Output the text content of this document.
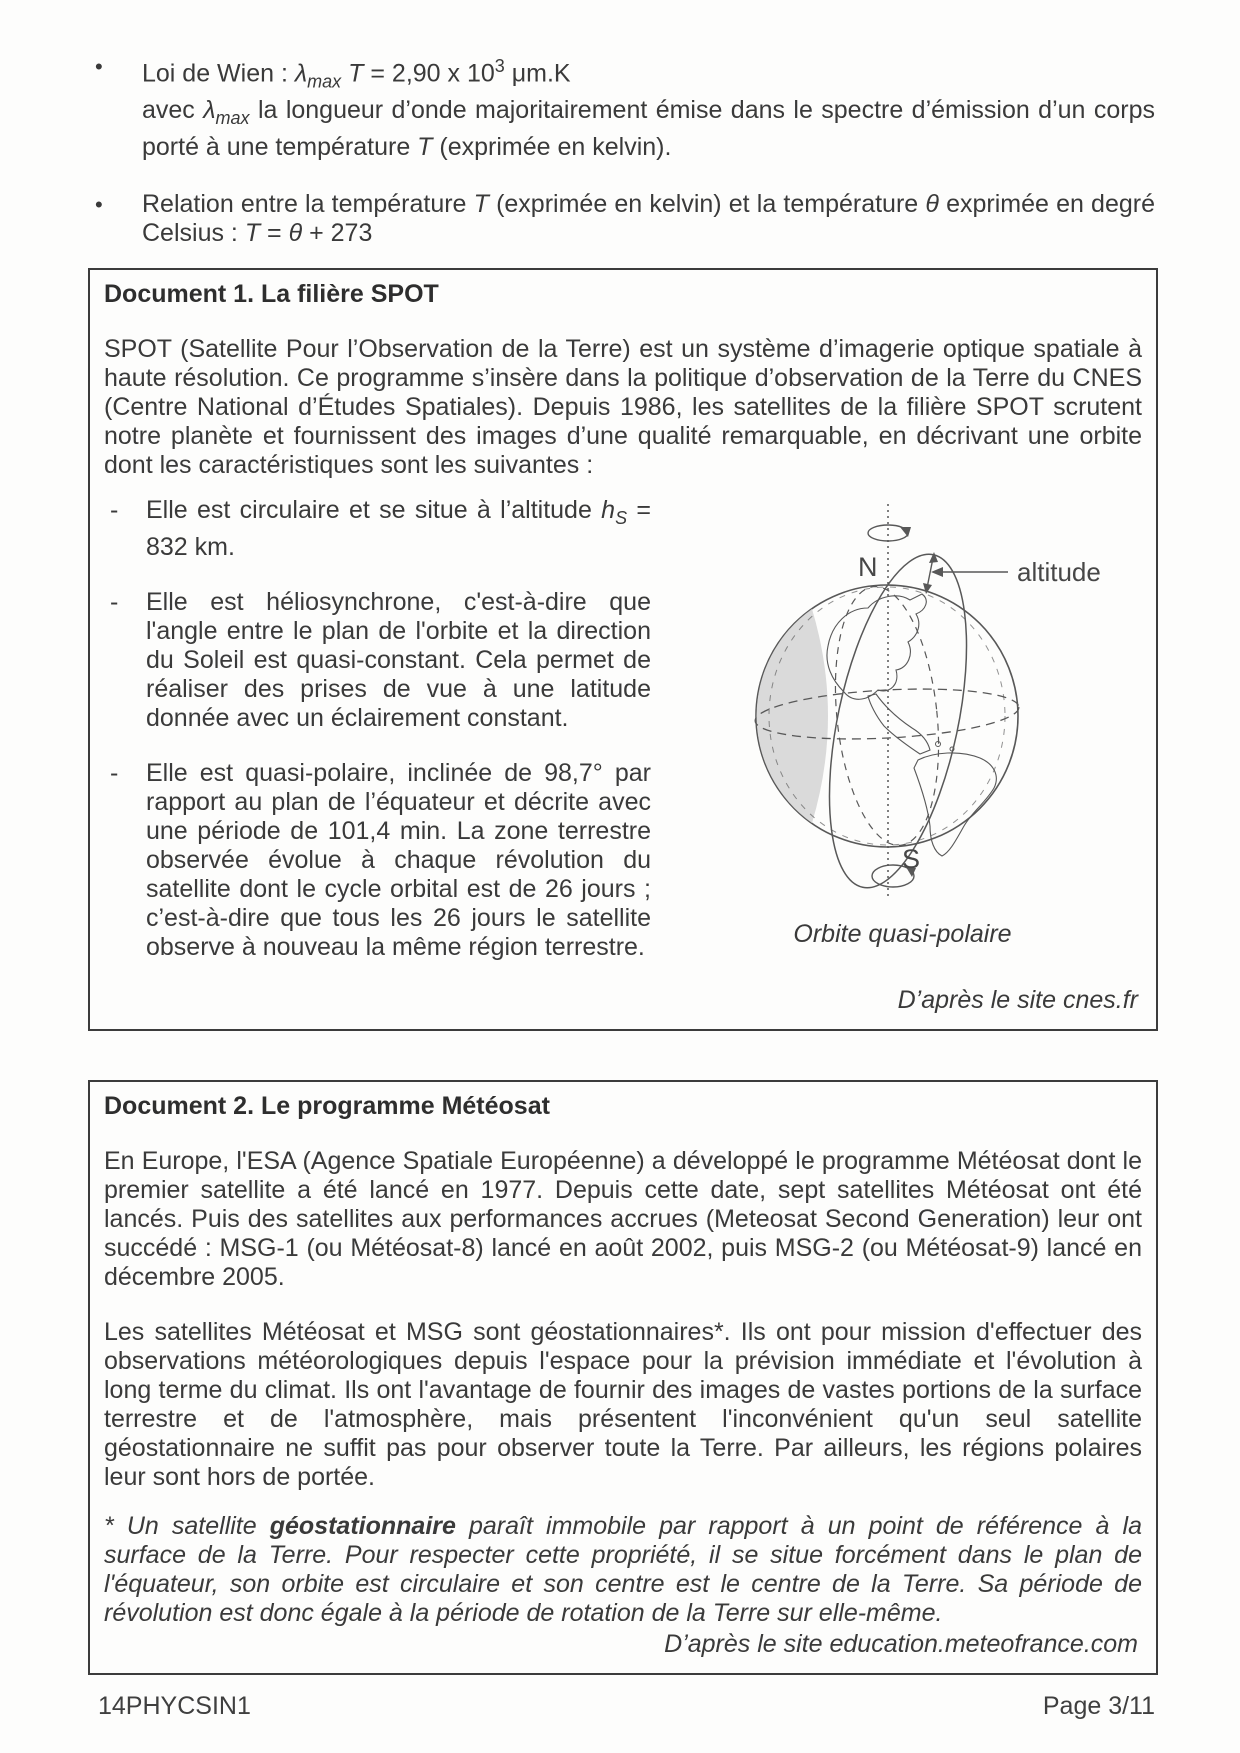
•	Loi de Wien : $\lambda_{max}$ T = 2,90 x $10^3$ μm.K
avec $\lambda_{max}$ la longueur d’onde majoritairement émise dans le spectre d’émission d’un corps porté à une température T (exprimée en kelvin).
•	Relation entre la température T (exprimée en kelvin) et la température θ exprimée en degré Celsius : T = θ + 273
Document 1. La filière SPOT

SPOT (Satellite Pour l’Observation de la Terre) est un système d’imagerie optique spatiale à haute résolution. Ce programme s’insère dans la politique d’observation de la Terre du CNES (Centre National d’Études Spatiales). Depuis 1986, les satellites de la filière SPOT scrutent notre planète et fournissent des images d’une qualité remarquable, en décrivant une orbite dont les caractéristiques sont les suivantes :

-	Elle est circulaire et se situe à l’altitude $h_S = 832$ km.
-	Elle est héliosynchrone, c'est-à-dire que l'angle entre le plan de l'orbite et la direction du Soleil est quasi-constant. Cela permet de réaliser des prises de vue à une latitude donnée avec un éclairement constant.
-	Elle est quasi-polaire, inclinée de 98,7° par rapport au plan de l’équateur et décrite avec une période de 101,4 min. La zone terrestre observée évolue à chaque révolution du satellite dont le cycle orbital est de 26 jours ; c’est-à-dire que tous les 26 jours le satellite observe à nouveau la même région terrestre.
N
S
altitude
Orbite quasi-polaire
D’après le site cnes.fr
Document 2. Le programme Météosat

En Europe, l'ESA (Agence Spatiale Européenne) a développé le programme Météosat dont le premier satellite a été lancé en 1977. Depuis cette date, sept satellites Météosat ont été lancés. Puis des satellites aux performances accrues (Meteosat Second Generation) leur ont succédé : MSG-1 (ou Météosat-8) lancé en août 2002, puis MSG-2 (ou Météosat-9) lancé en décembre 2005.

Les satellites Météosat et MSG sont géostationnaires*. Ils ont pour mission d'effectuer des observations météorologiques depuis l'espace pour la prévision immédiate et l'évolution à long terme du climat. Ils ont l'avantage de fournir des images de vastes portions de la surface terrestre et de l'atmosphère, mais présentent l'inconvénient qu'un seul satellite géostationnaire ne suffit pas pour observer toute la Terre. Par ailleurs, les régions polaires leur sont hors de portée.

* Un satellite géostationnaire paraît immobile par rapport à un point de référence à la surface de la Terre. Pour respecter cette propriété, il se situe forcément dans le plan de l'équateur, son orbite est circulaire et son centre est le centre de la Terre. Sa période de révolution est donc égale à la période de rotation de la Terre sur elle-même.
D’après le site education.meteofrance.com
14PHYCSIN1	Page 3/11
